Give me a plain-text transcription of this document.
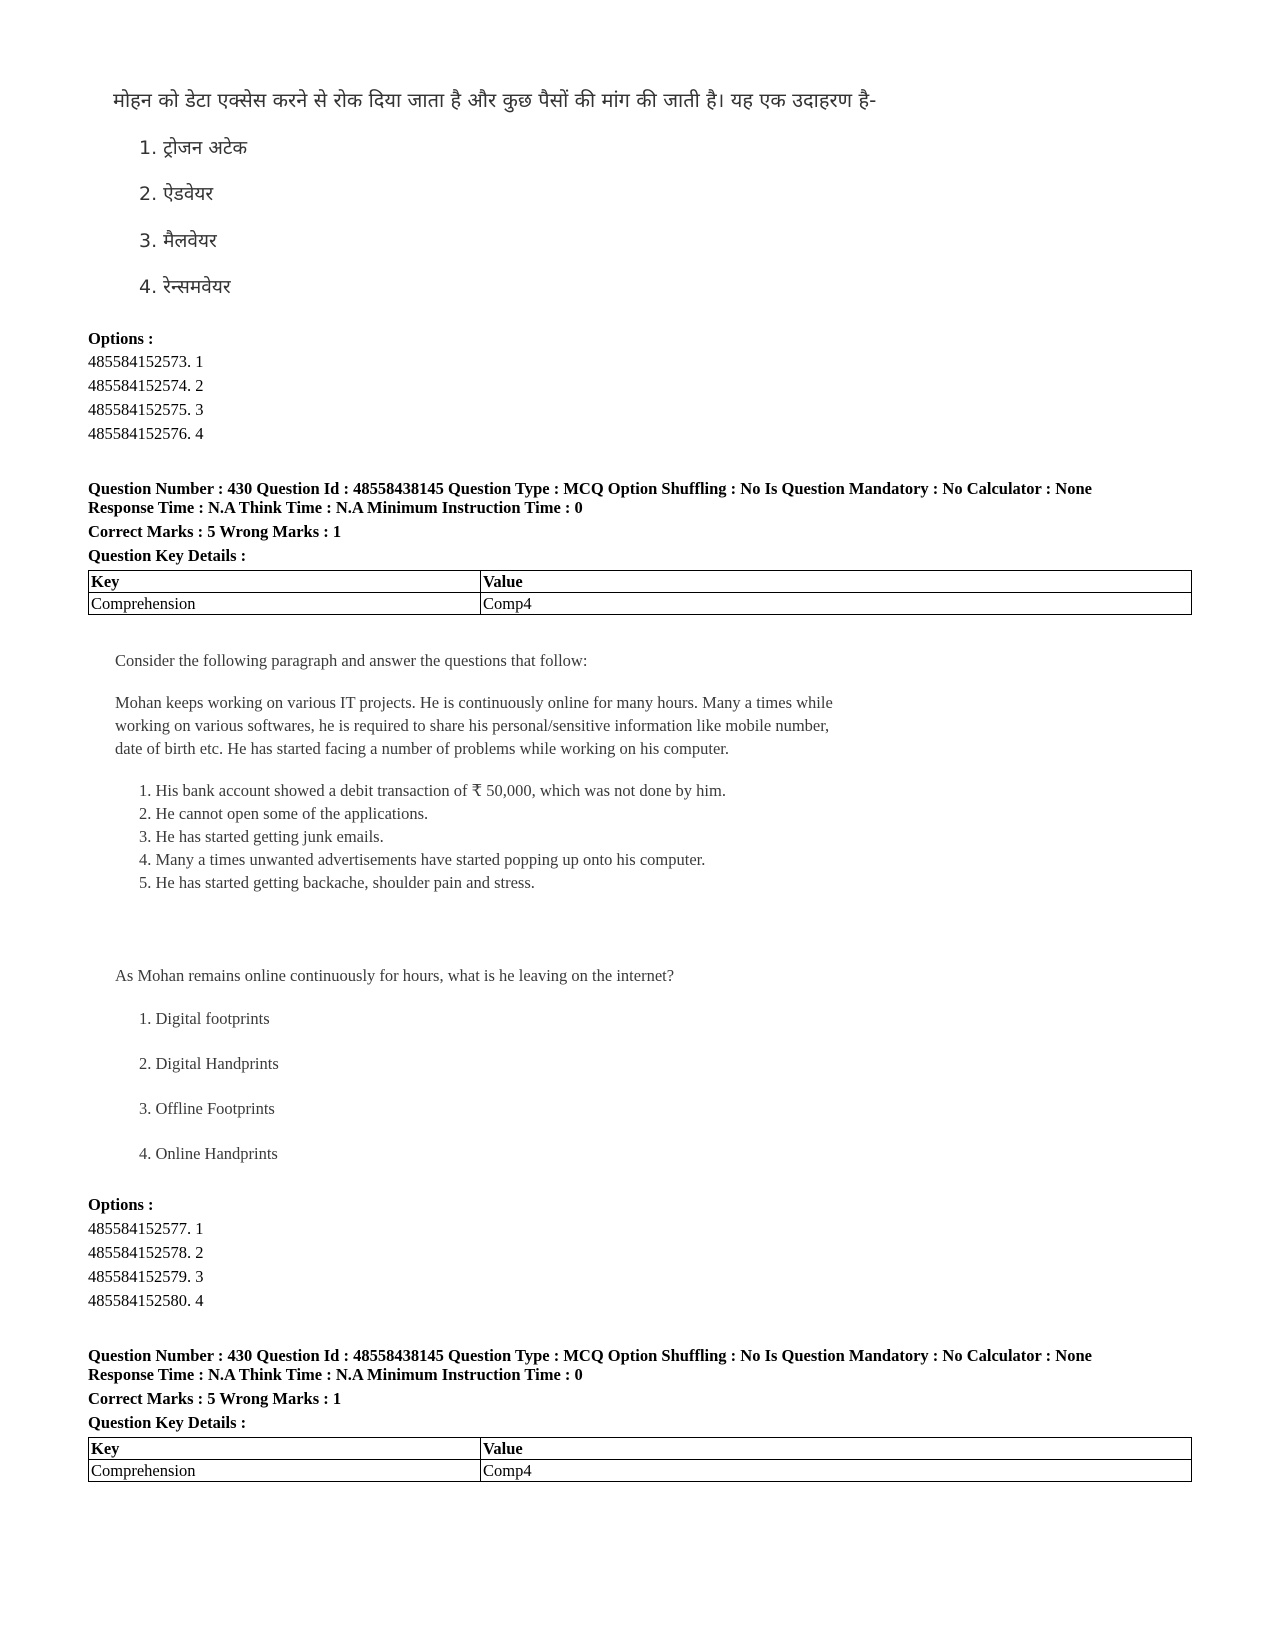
मोहन को डेटा एक्सेस करने से रोक दिया जाता है और कुछ पैसों की मांग की जाती है। यह एक उदाहरण है-
1. ट्रोजन अटेक
2. ऐडवेयर
3. मैलवेयर
4. रेन्समवेयर
Options :
485584152573. 1
485584152574. 2
485584152575. 3
485584152576. 4
Question Number : 430 Question Id : 48558438145 Question Type : MCQ Option Shuffling : No Is Question Mandatory : No Calculator : None
Response Time : N.A Think Time : N.A Minimum Instruction Time : 0
Correct Marks : 5 Wrong Marks : 1
Question Key Details :
Key	Value
Comprehension	Comp4
Consider the following paragraph and answer the questions that follow:
Mohan keeps working on various IT projects. He is continuously online for many hours. Many a times while
working on various softwares, he is required to share his personal/sensitive information like mobile number,
date of birth etc. He has started facing a number of problems while working on his computer.
1. His bank account showed a debit transaction of ₹ 50,000, which was not done by him.
2. He cannot open some of the applications.
3. He has started getting junk emails.
4. Many a times unwanted advertisements have started popping up onto his computer.
5. He has started getting backache, shoulder pain and stress.
As Mohan remains online continuously for hours, what is he leaving on the internet?
1. Digital footprints
2. Digital Handprints
3. Offline Footprints
4. Online Handprints
Options :
485584152577. 1
485584152578. 2
485584152579. 3
485584152580. 4
Question Number : 430 Question Id : 48558438145 Question Type : MCQ Option Shuffling : No Is Question Mandatory : No Calculator : None
Response Time : N.A Think Time : N.A Minimum Instruction Time : 0
Correct Marks : 5 Wrong Marks : 1
Question Key Details :
Key	Value
Comprehension	Comp4
